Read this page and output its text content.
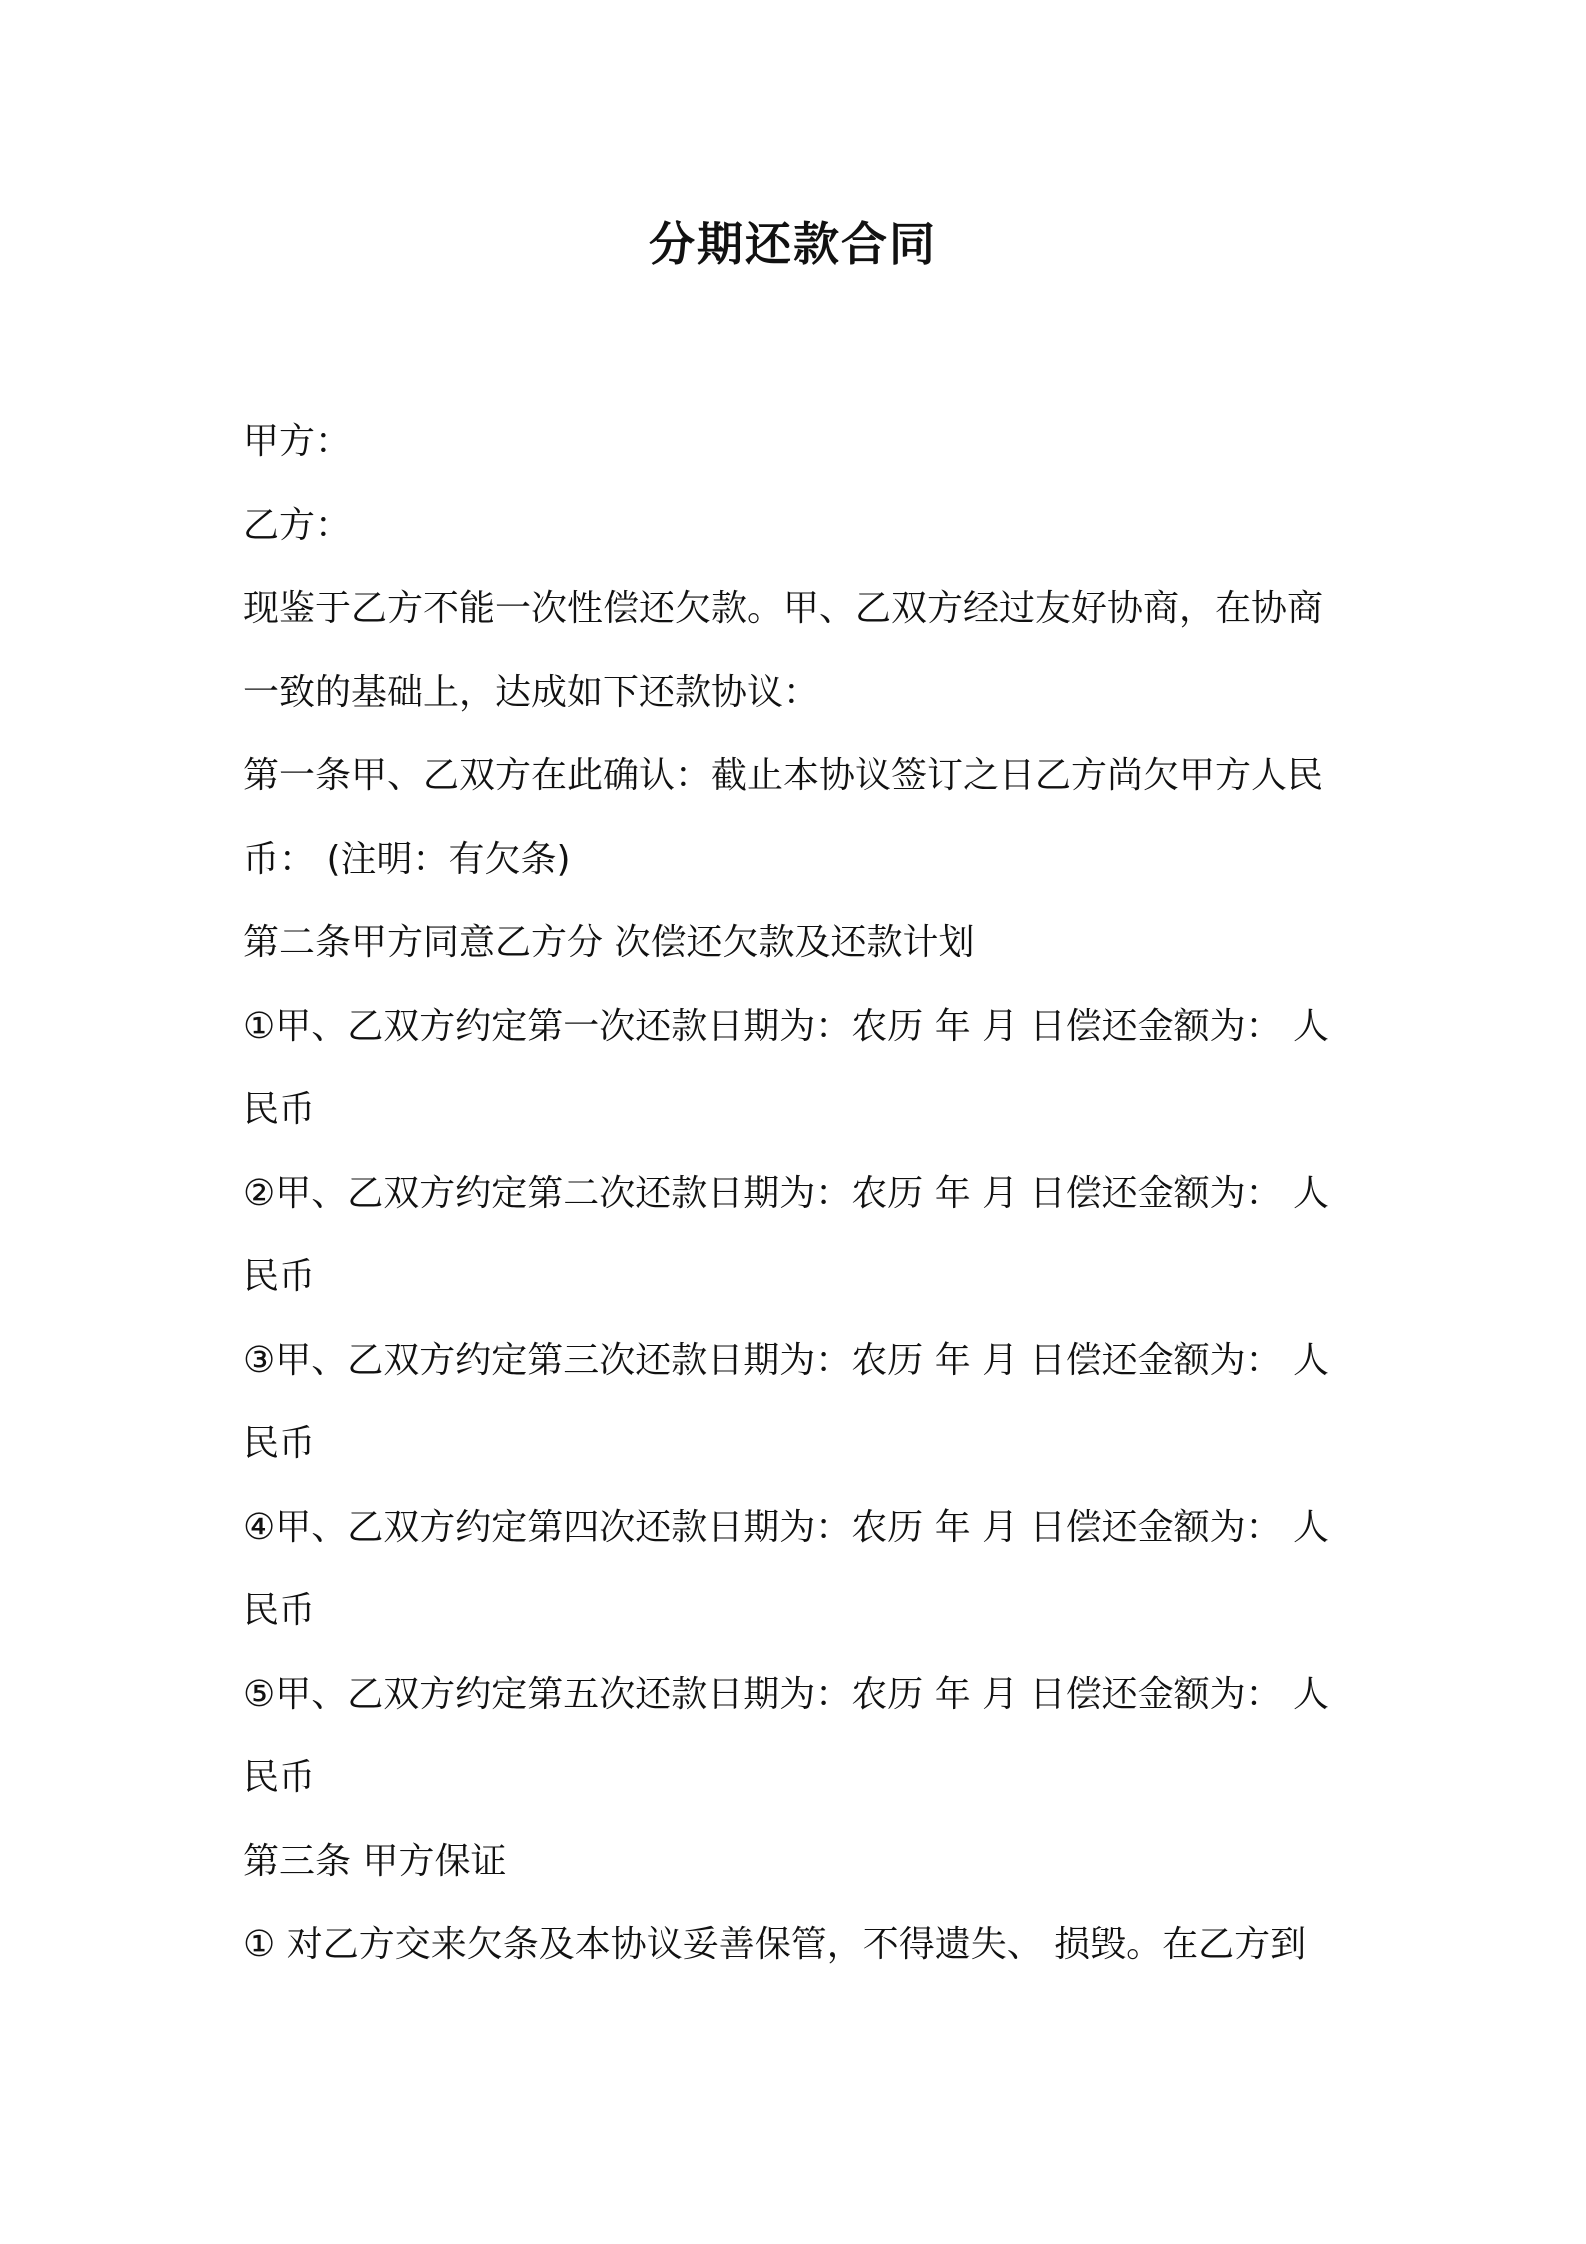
分期还款合同
甲方：
乙方：
现鉴于乙方不能一次性偿还欠款。甲、乙双方经过友好协商，在协商
一致的基础上，达成如下还款协议：
第一条甲、乙双方在此确认：截止本协议签订之日乙方尚欠甲方人民
币： (注明：有欠条)
第二条甲方同意乙方分 次偿还欠款及还款计划
①甲、乙双方约定第一次还款日期为：农历 年 月 日偿还金额为： 人
民币
②甲、乙双方约定第二次还款日期为：农历 年 月 日偿还金额为： 人
民币
③甲、乙双方约定第三次还款日期为：农历 年 月 日偿还金额为： 人
民币
④甲、乙双方约定第四次还款日期为：农历 年 月 日偿还金额为： 人
民币
⑤甲、乙双方约定第五次还款日期为：农历 年 月 日偿还金额为： 人
民币
第三条 甲方保证
① 对乙方交来欠条及本协议妥善保管，不得遗失、 损毁。在乙方到
